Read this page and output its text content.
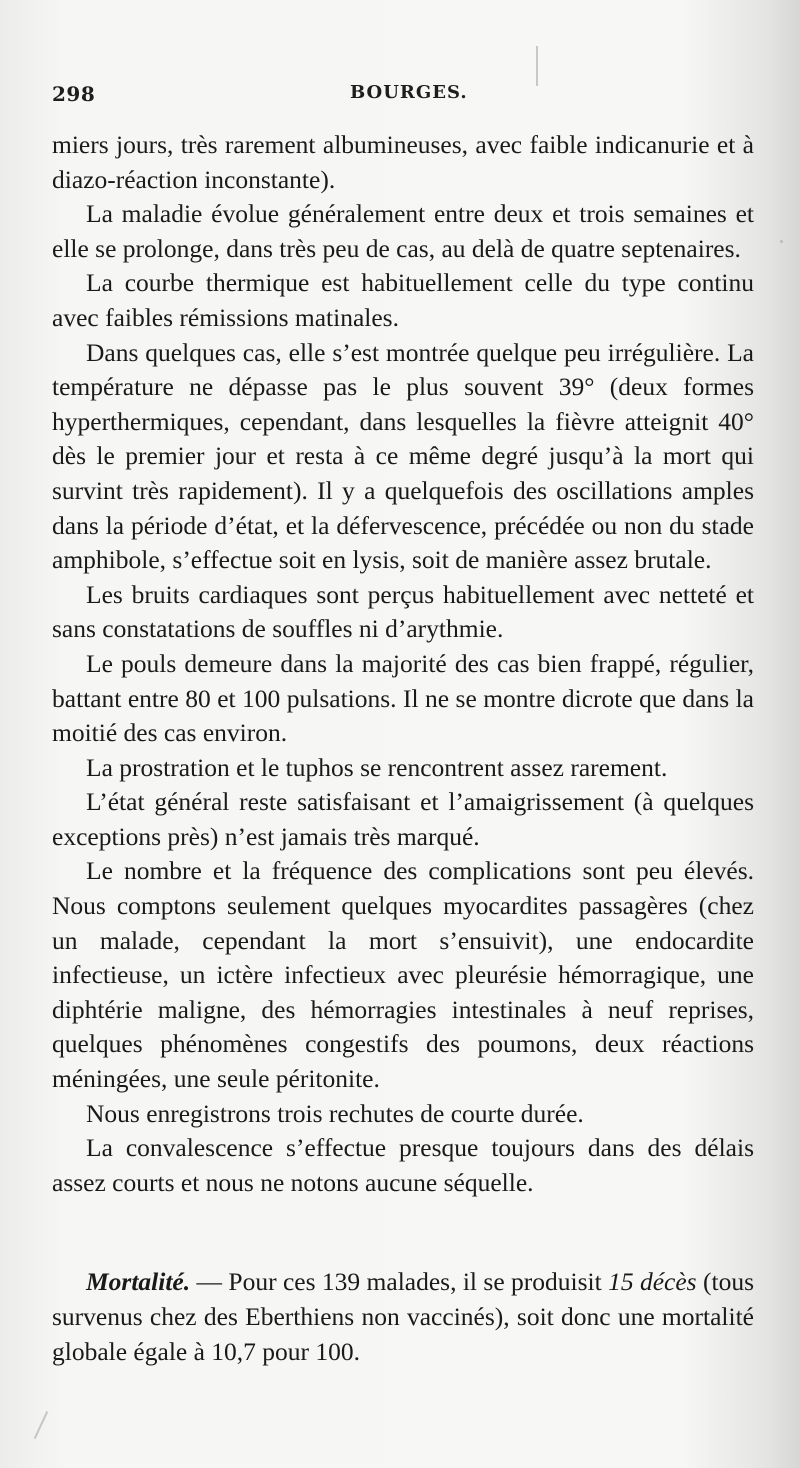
298	BOURGES.

miers jours, très rarement albumineuses, avec faible indicanurie et à diazo-réaction inconstante).

La maladie évolue généralement entre deux et trois semaines et elle se prolonge, dans très peu de cas, au delà de quatre septenaires.

La courbe thermique est habituellement celle du type continu avec faibles rémissions matinales.

Dans quelques cas, elle s’est montrée quelque peu irrégulière. La température ne dépasse pas le plus souvent 39° (deux formes hyperthermiques, cependant, dans lesquelles la fièvre atteignit 40° dès le premier jour et resta à ce même degré jusqu’à la mort qui survint très rapidement). Il y a quelquefois des oscillations amples dans la période d’état, et la défervescence, précédée ou non du stade amphibole, s’effectue soit en lysis, soit de manière assez brutale.

Les bruits cardiaques sont perçus habituellement avec netteté et sans constatations de souffles ni d’arythmie.

Le pouls demeure dans la majorité des cas bien frappé, régulier, battant entre 80 et 100 pulsations. Il ne se montre dicrote que dans la moitié des cas environ.

La prostration et le tuphos se rencontrent assez rarement.

L’état général reste satisfaisant et l’amaigrissement (à quelques exceptions près) n’est jamais très marqué.

Le nombre et la fréquence des complications sont peu élevés. Nous comptons seulement quelques myocardites passagères (chez un malade, cependant la mort s’ensuivit), une endocardite infectieuse, un ictère infectieux avec pleurésie hémorragique, une diphtérie maligne, des hémorragies intestinales à neuf reprises, quelques phénomènes congestifs des poumons, deux réactions méningées, une seule péritonite.

Nous enregistrons trois rechutes de courte durée.

La convalescence s’effectue presque toujours dans des délais assez courts et nous ne notons aucune séquelle.

Mortalité. — Pour ces 139 malades, il se produisit 15 décès (tous survenus chez des Eberthiens non vaccinés), soit donc une mortalité globale égale à 10,7 pour 100.
